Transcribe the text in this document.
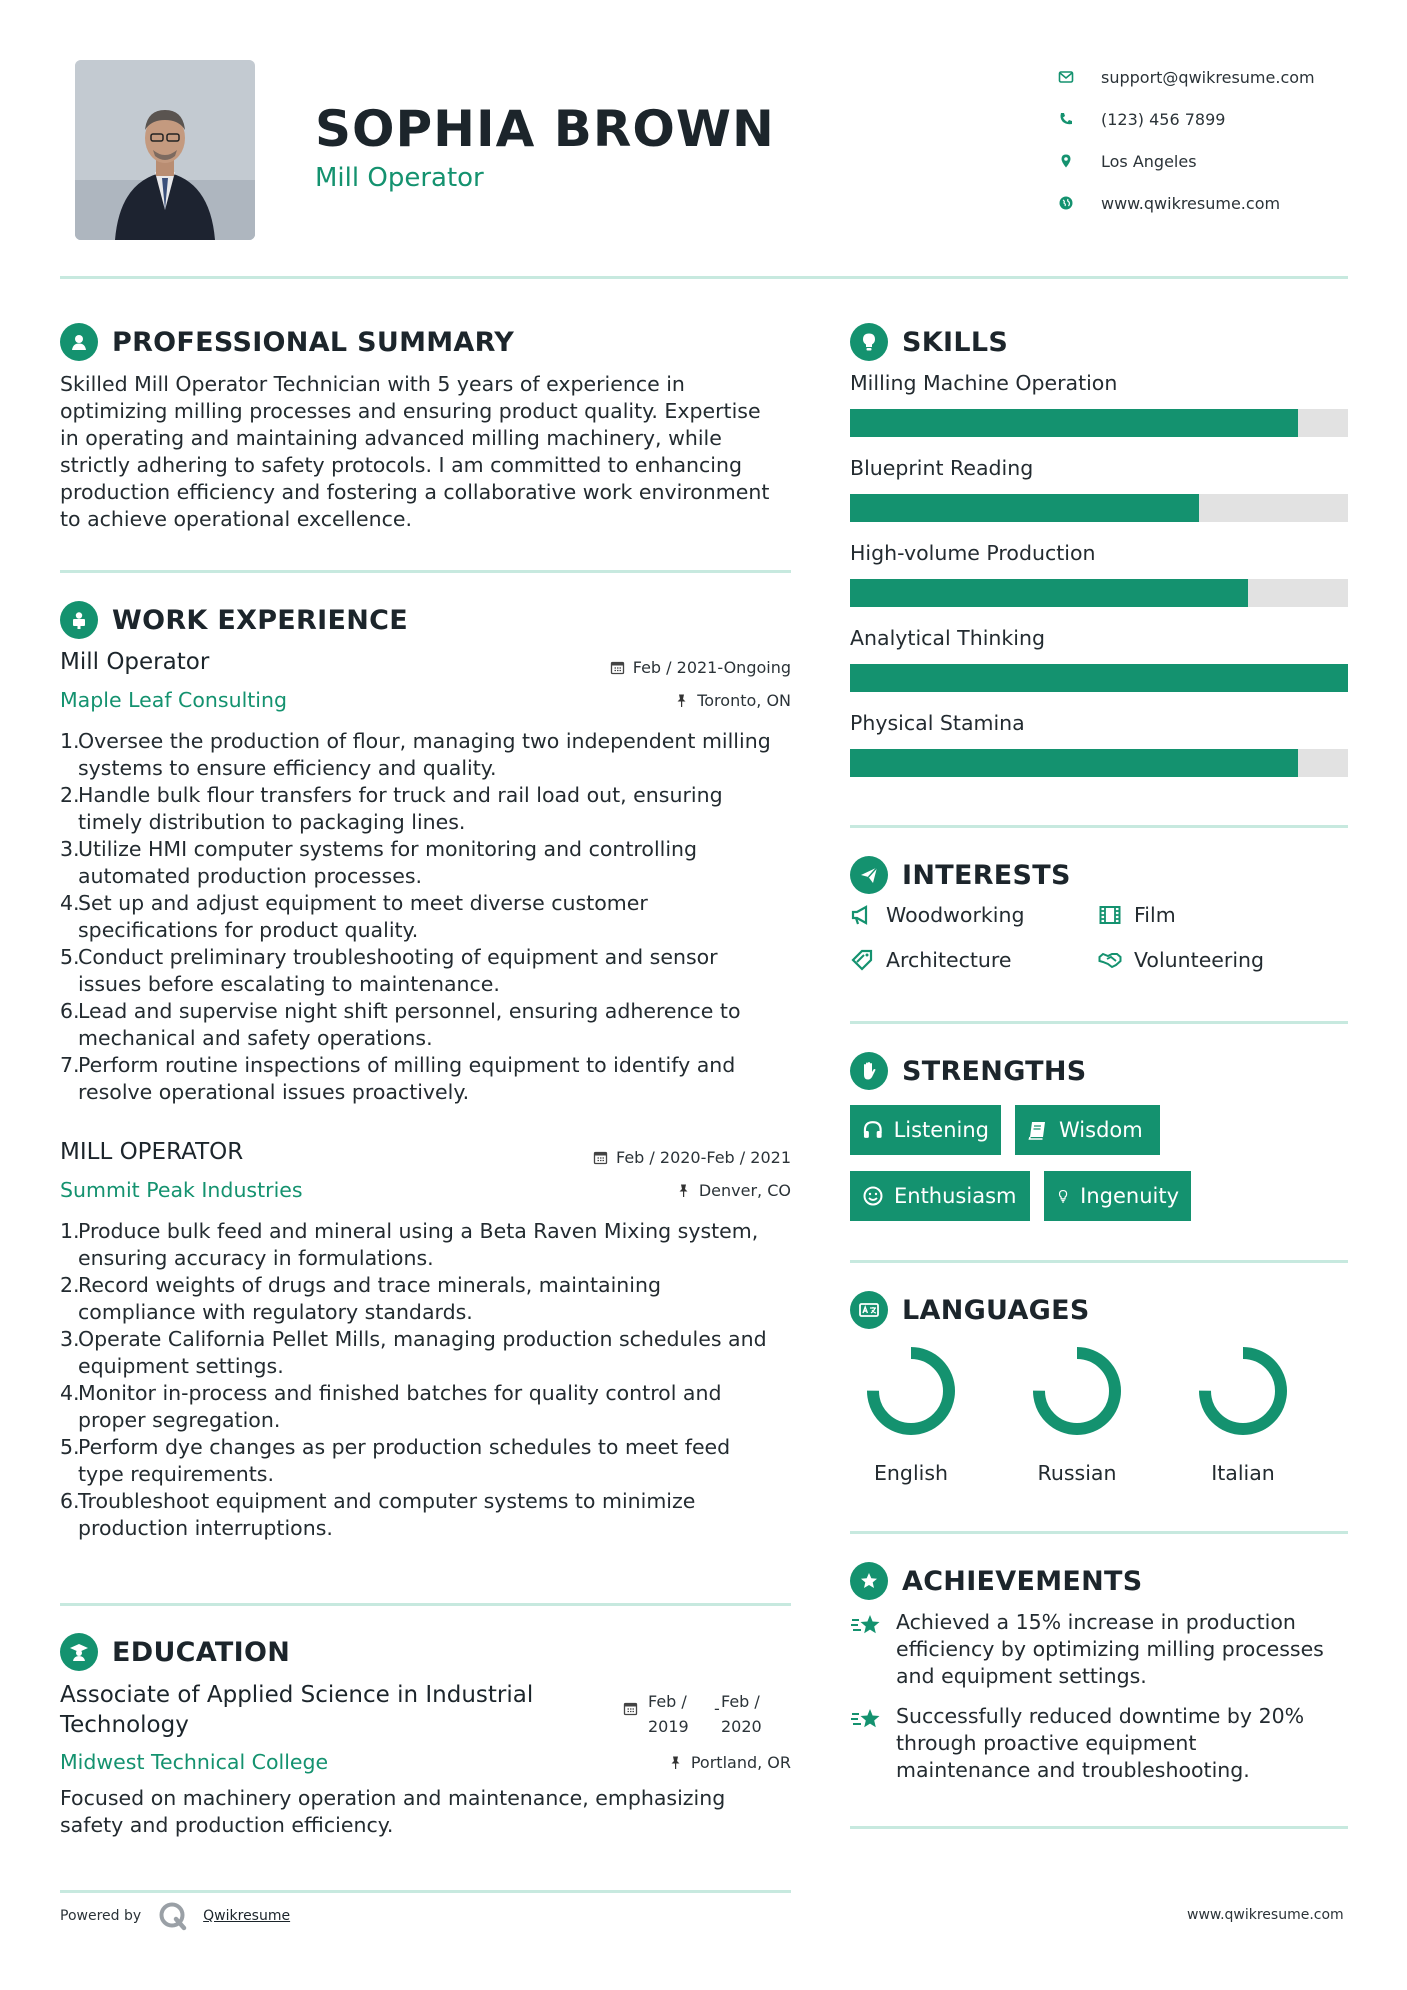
SOPHIA BROWN
Mill Operator
support@qwikresume.com
(123) 456 7899
Los Angeles
www.qwikresume.com
PROFESSIONAL SUMMARY
Skilled Mill Operator Technician with 5 years of experience in
optimizing milling processes and ensuring product quality. Expertise
in operating and maintaining advanced milling machinery, while
strictly adhering to safety protocols. I am committed to enhancing
production efficiency and fostering a collaborative work environment
to achieve operational excellence.
WORK EXPERIENCE
Mill Operator	Feb / 2021-Ongoing
Maple Leaf Consulting	Toronto, ON
1.
Oversee the production of flour, managing two independent milling
systems to ensure efficiency and quality.
2.
Handle bulk flour transfers for truck and rail load out, ensuring
timely distribution to packaging lines.
3.
Utilize HMI computer systems for monitoring and controlling
automated production processes.
4.
Set up and adjust equipment to meet diverse customer
specifications for product quality.
5.
Conduct preliminary troubleshooting of equipment and sensor
issues before escalating to maintenance.
6.
Lead and supervise night shift personnel, ensuring adherence to
mechanical and safety operations.
7.
Perform routine inspections of milling equipment to identify and
resolve operational issues proactively.
MILL OPERATOR	Feb / 2020-Feb / 2021
Summit Peak Industries	Denver, CO
1.
Produce bulk feed and mineral using a Beta Raven Mixing system,
ensuring accuracy in formulations.
2.
Record weights of drugs and trace minerals, maintaining
compliance with regulatory standards.
3.
Operate California Pellet Mills, managing production schedules and
equipment settings.
4.
Monitor in-process and finished batches for quality control and
proper segregation.
5.
Perform dye changes as per production schedules to meet feed
type requirements.
6.
Troubleshoot equipment and computer systems to minimize
production interruptions.
EDUCATION
Associate of Applied Science in Industrial
Technology
Feb /
2019
- Feb /
2020
Midwest Technical College	Portland, OR
Focused on machinery operation and maintenance, emphasizing
safety and production efficiency.
SKILLS
Milling Machine Operation
Blueprint Reading
High-volume Production
Analytical Thinking
Physical Stamina
INTERESTS
Woodworking	Film
Architecture	Volunteering
STRENGTHS
Listening	Wisdom
Enthusiasm	Ingenuity
LANGUAGES
English	Russian	Italian
ACHIEVEMENTS
Achieved a 15% increase in production
efficiency by optimizing milling processes
and equipment settings.
Successfully reduced downtime by 20%
through proactive equipment
maintenance and troubleshooting.
Powered by	Qwikresume	www.qwikresume.com
